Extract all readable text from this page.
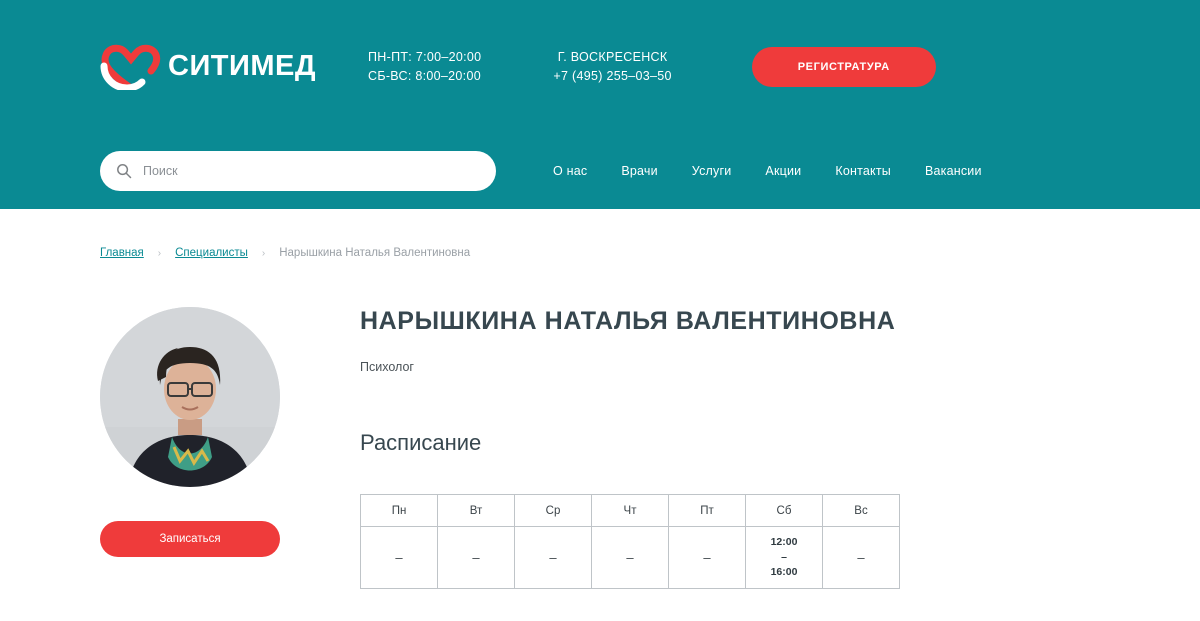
СИТИМЕД	ПН-ПТ: 7:00–20:00
СБ-ВС: 8:00–20:00
Г. ВОСКРЕСЕНСК
+7 (495) 255–03–50
РЕГИСТРАТУРА
Поиск
О нас	Врачи	Услуги	Акции	Контакты	Вакансии
Главная › Специалисты › Нарышкина Наталья Валентиновна
Записаться
НАРЫШКИНА НАТАЛЬЯ ВАЛЕНТИНОВНА

Психолог

Расписание
Пн	Вт	Ср	Чт	Пт	Сб	Вс
–	–	–	–	–	12:00
–
16:00	–
